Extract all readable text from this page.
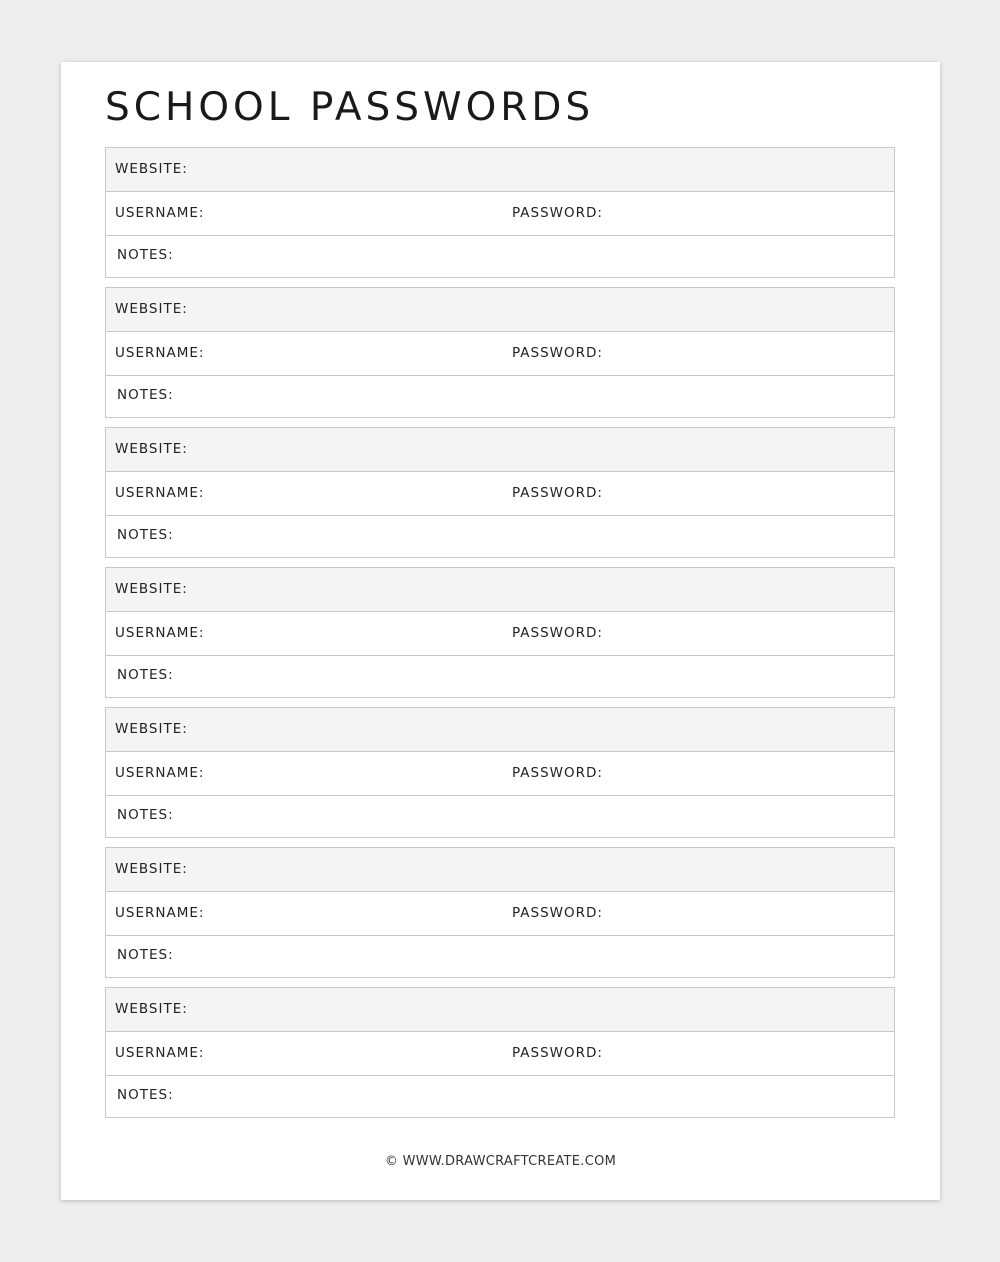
SCHOOL PASSWORDS
WEBSITE:
USERNAME:	PASSWORD:
NOTES:
WEBSITE:
USERNAME:	PASSWORD:
NOTES:
WEBSITE:
USERNAME:	PASSWORD:
NOTES:
WEBSITE:
USERNAME:	PASSWORD:
NOTES:
WEBSITE:
USERNAME:	PASSWORD:
NOTES:
WEBSITE:
USERNAME:	PASSWORD:
NOTES:
WEBSITE:
USERNAME:	PASSWORD:
NOTES:
© WWW.DRAWCRAFTCREATE.COM
